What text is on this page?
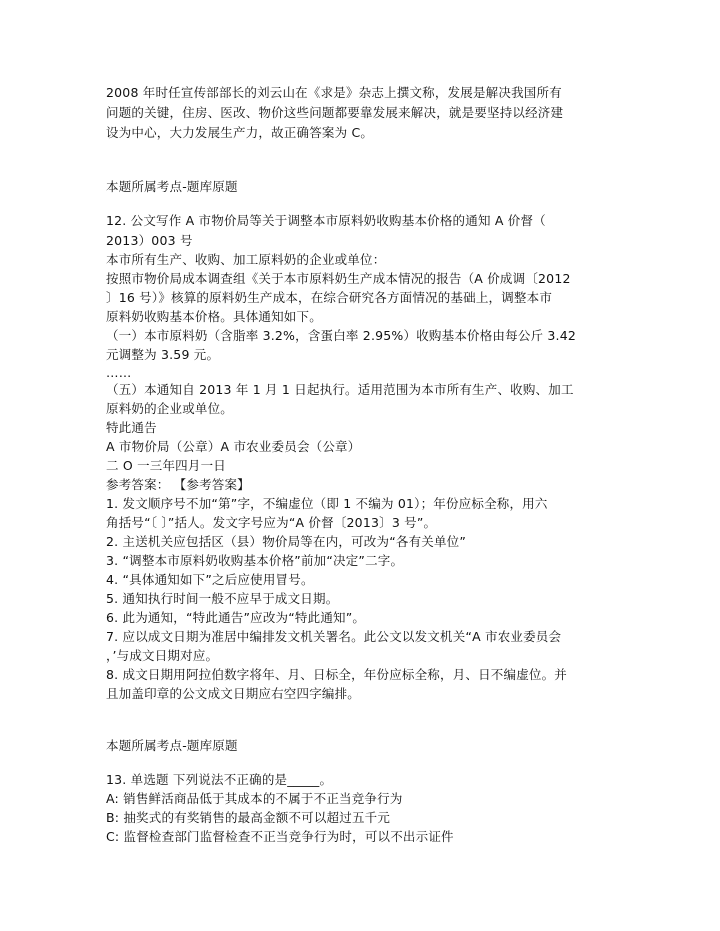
2008 年时任宣传部部长的刘云山在《求是》杂志上撰文称，发展是解决我国所有
问题的关键，住房、医改、物价这些问题都要靠发展来解决，就是要坚持以经济建
设为中心，大力发展生产力，故正确答案为 C。
本题所属考点-题库原题
12. 公文写作 A 市物价局等关于调整本市原料奶收购基本价格的通知 A 价督（
2013）003 号
本市所有生产、收购、加工原料奶的企业或单位：
按照市物价局成本调查组《关于本市原料奶生产成本情况的报告（A 价成调〔2012
〕16 号）》核算的原料奶生产成本，在综合研究各方面情况的基础上，调整本市
原料奶收购基本价格。具体通知如下。
（一）本市原料奶（含脂率 3.2%，含蛋白率 2.95%）收购基本价格由每公斤 3.42
元调整为 3.59 元。
……
（五）本通知自 2013 年 1 月 1 日起执行。适用范围为本市所有生产、收购、加工
原料奶的企业或单位。
特此通告
A 市物价局（公章）A 市农业委员会（公章）
二 O 一三年四月一日
参考答案： 【参考答案】
1. 发文顺序号不加“第”字，不编虚位（即 1 不编为 01）；年份应标全称，用六
角括号“〔 〕”括人。发文字号应为“A 价督〔2013〕3 号”。
2. 主送机关应包括区（县）物价局等在内，可改为“各有关单位”
3. “调整本市原料奶收购基本价格”前加“决定”二字。
4. “具体通知如下”之后应使用冒号。
5. 通知执行时间一般不应早于成文日期。
6. 此为通知，“特此通告”应改为“特此通知”。
7. 应以成文日期为准居中编排发文机关署名。此公文以发文机关“A 市农业委员会
，’与成文日期对应。
8. 成文日期用阿拉伯数字将年、月、日标全，年份应标全称，月、日不编虚位。并
且加盖印章的公文成文日期应右空四字编排。
本题所属考点-题库原题
13. 单选题 下列说法不正确的是_____。
A: 销售鲜活商品低于其成本的不属于不正当竞争行为
B: 抽奖式的有奖销售的最高金额不可以超过五千元
C: 监督检查部门监督检查不正当竞争行为时，可以不出示证件
